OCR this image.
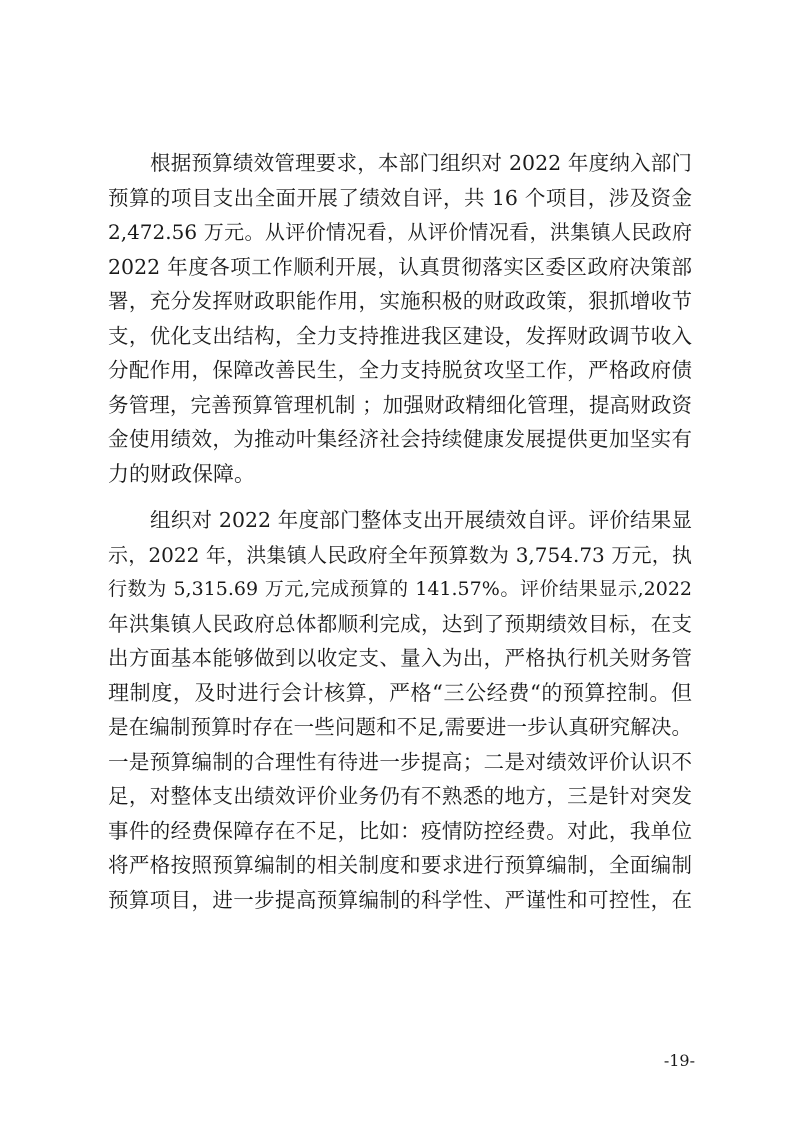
根据预算绩效管理要求，本部门组织对 2022 年度纳入部门
预算的项目支出全面开展了绩效自评，共 16 个项目，涉及资金
2,472.56 万元。从评价情况看，从评价情况看，洪集镇人民政府
2022 年度各项工作顺利开展，认真贯彻落实区委区政府决策部
署，充分发挥财政职能作用，实施积极的财政政策，狠抓增收节
支，优化支出结构，全力支持推进我区建设，发挥财政调节收入
分配作用，保障改善民生，全力支持脱贫攻坚工作，严格政府债
务管理，完善预算管理机制 ；加强财政精细化管理，提高财政资
金使用绩效，为推动叶集经济社会持续健康发展提供更加坚实有
力的财政保障。
组织对 2022 年度部门整体支出开展绩效自评。评价结果显
示，2022 年，洪集镇人民政府全年预算数为 3,754.73 万元，执
行数为 5,315.69 万元,完成预算的 141.57%。评价结果显示,2022
年洪集镇人民政府总体都顺利完成，达到了预期绩效目标，在支
出方面基本能够做到以收定支、量入为出，严格执行机关财务管
理制度，及时进行会计核算，严格“三公经费“的预算控制。但
是在编制预算时存在一些问题和不足,需要进一步认真研究解决。
一是预算编制的合理性有待进一步提高；二是对绩效评价认识不
足，对整体支出绩效评价业务仍有不熟悉的地方，三是针对突发
事件的经费保障存在不足，比如：疫情防控经费。对此，我单位
将严格按照预算编制的相关制度和要求进行预算编制，全面编制
预算项目，进一步提高预算编制的科学性、严谨性和可控性，在
-19-
